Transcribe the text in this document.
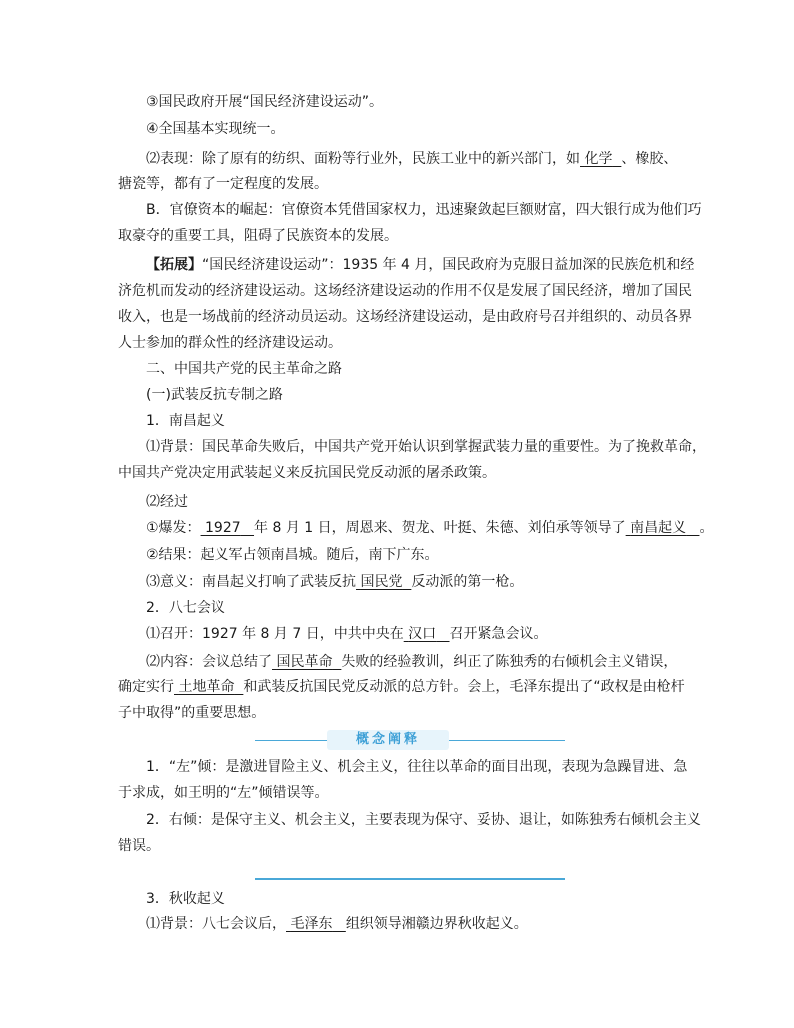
③国民政府开展“国民经济建设运动”。
④全国基本实现统一。
⑵表现：除了原有的纺织、面粉等行业外，民族工业中的新兴部门，如 化学 、橡胶、
搪瓷等，都有了一定程度的发展。
B．官僚资本的崛起：官僚资本凭借国家权力，迅速聚敛起巨额财富，四大银行成为他们巧
取豪夺的重要工具，阻碍了民族资本的发展。
【拓展】“国民经济建设运动”：1935 年 4 月，国民政府为克服日益加深的民族危机和经
济危机而发动的经济建设运动。这场经济建设运动的作用不仅是发展了国民经济，增加了国民
收入，也是一场战前的经济动员运动。这场经济建设运动，是由政府号召并组织的、动员各界
人士参加的群众性的经济建设运动。
二、中国共产党的民主革命之路
(一)武装反抗专制之路
1．南昌起义
⑴背景：国民革命失败后，中国共产党开始认识到掌握武装力量的重要性。为了挽救革命，
中国共产党决定用武装起义来反抗国民党反动派的屠杀政策。
⑵经过
①爆发： 1927 年 8 月 1 日，周恩来、贺龙、叶挺、朱德、刘伯承等领导了 南昌起义 。
②结果：起义军占领南昌城。随后，南下广东。
⑶意义：南昌起义打响了武装反抗 国民党 反动派的第一枪。
2．八七会议
⑴召开：1927 年 8 月 7 日，中共中央在 汉口 召开紧急会议。
⑵内容：会议总结了 国民革命 失败的经验教训，纠正了陈独秀的右倾机会主义错误，
确定实行 土地革命 和武装反抗国民党反动派的总方针。会上，毛泽东提出了“政权是由枪杆
子中取得”的重要思想。
概念阐释
1．“左”倾：是激进冒险主义、机会主义，往往以革命的面目出现，表现为急躁冒进、急
于求成，如王明的“左”倾错误等。
2．右倾：是保守主义、机会主义，主要表现为保守、妥协、退让，如陈独秀右倾机会主义
错误。
3．秋收起义
⑴背景：八七会议后， 毛泽东 组织领导湘赣边界秋收起义。
